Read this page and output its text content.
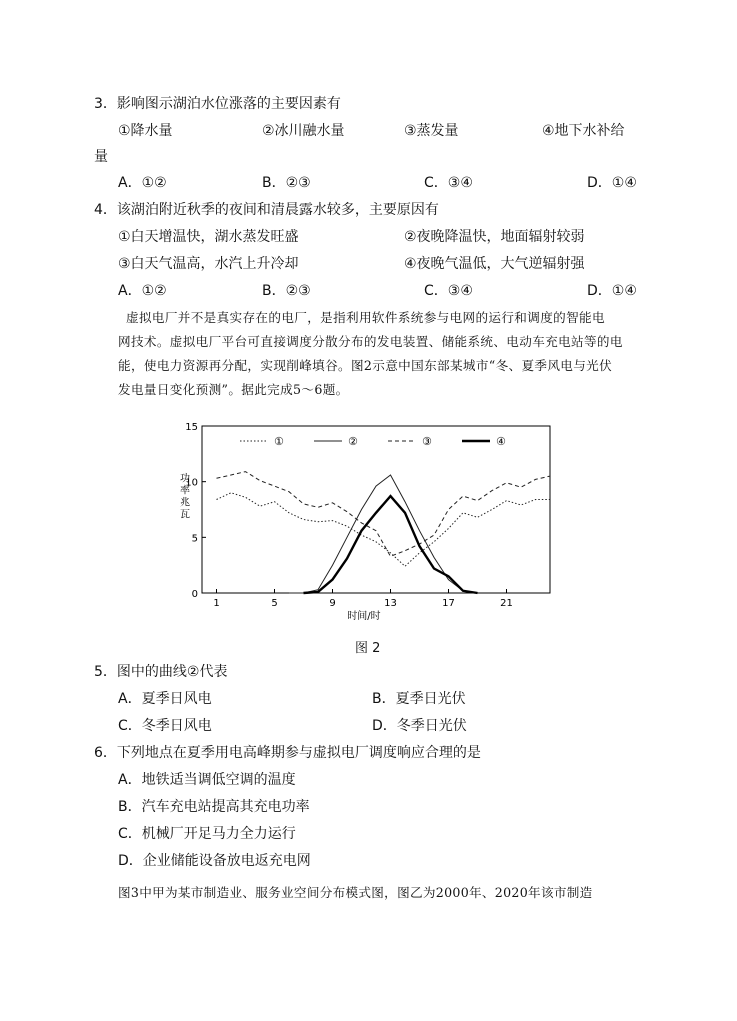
3．影响图示湖泊水位涨落的主要因素有
①降水量	②冰川融水量	③蒸发量	④地下水补给
量
A．①②	B．②③	C．③④	D．①④
4．该湖泊附近秋季的夜间和清晨露水较多，主要原因有
①白天增温快，湖水蒸发旺盛	②夜晚降温快，地面辐射较弱
③白天气温高，水汽上升冷却	④夜晚气温低，大气逆辐射强
A．①②	B．②③	C．③④	D．①④

虚拟电厂并不是真实存在的电厂，是指利用软件系统参与电网的运行和调度的智能电

网技术。虚拟电厂平台可直接调度分散分布的发电装置、储能系统、电动车充电站等的电

能，使电力资源再分配，实现削峰填谷。图2示意中国东部某城市“冬、夏季风电与光伏

发电量日变化预测”。据此完成5～6题。

0
5
10
15
1	5	9	13	17	21
时间/时
功率兆瓦
①	②	③	④
图 2
5．图中的曲线②代表
A．夏季日风电	B．夏季日光伏
C．冬季日风电	D．冬季日光伏
6．下列地点在夏季用电高峰期参与虚拟电厂调度响应合理的是
A．地铁适当调低空调的温度
B．汽车充电站提高其充电功率
C．机械厂开足马力全力运行
D．企业储能设备放电返充电网
图3中甲为某市制造业、服务业空间分布模式图，图乙为2000年、2020年该市制造
